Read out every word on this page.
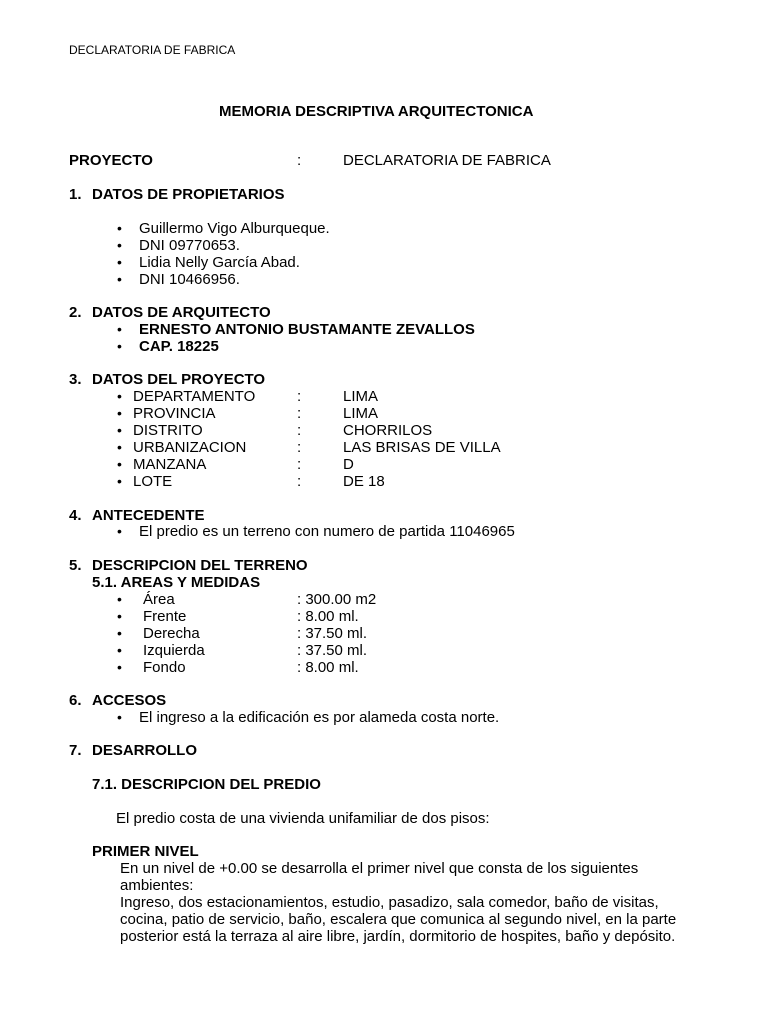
DECLARATORIA DE FABRICA
MEMORIA DESCRIPTIVA ARQUITECTONICA
PROYECTO	:	DECLARATORIA DE FABRICA
1. DATOS DE PROPIETARIOS
• Guillermo Vigo Alburqueque.
• DNI 09770653.
• Lidia Nelly García Abad.
• DNI 10466956.
2. DATOS DE ARQUITECTO
• ERNESTO ANTONIO BUSTAMANTE ZEVALLOS
• CAP. 18225
3. DATOS DEL PROYECTO
• DEPARTAMENTO	:	LIMA
• PROVINCIA	:	LIMA
• DISTRITO	:	CHORRILOS
• URBANIZACION	:	LAS BRISAS DE VILLA
• MANZANA	:	D
• LOTE	:	DE 18
4. ANTECEDENTE
• El predio es un terreno con numero de partida 11046965
5. DESCRIPCION DEL TERRENO
5.1. AREAS Y MEDIDAS
• Área	: 300.00 m2
• Frente	: 8.00 ml.
• Derecha	: 37.50 ml.
• Izquierda	: 37.50 ml.
• Fondo	: 8.00 ml.
6. ACCESOS
• El ingreso a la edificación es por alameda costa norte.
7. DESARROLLO
7.1. DESCRIPCION DEL PREDIO
El predio costa de una vivienda unifamiliar de dos pisos:
PRIMER NIVEL
En un nivel de +0.00 se desarrolla el primer nivel que consta de los siguientes
ambientes:
Ingreso, dos estacionamientos, estudio, pasadizo, sala comedor, baño de visitas,
cocina, patio de servicio, baño, escalera que comunica al segundo nivel, en la parte
posterior está la terraza al aire libre, jardín, dormitorio de hospites, baño y depósito.
